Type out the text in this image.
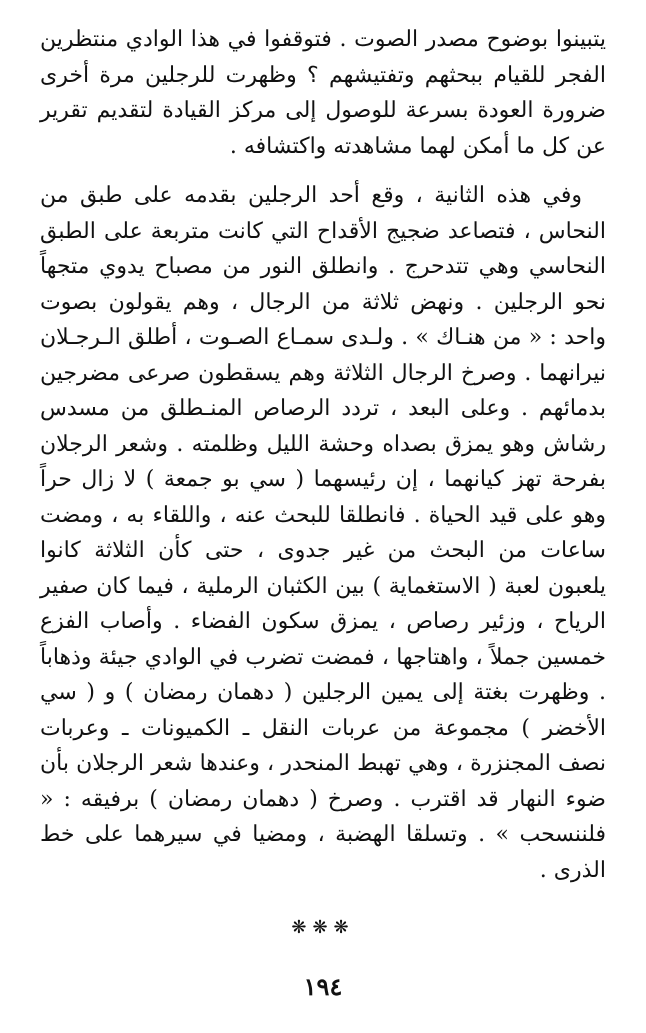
يتبينوا بوضوح مصدر الصوت . فتوقفوا في هذا الوادي منتظرين الفجر للقيام ببحثهم وتفتيشهم ؟ وظهرت للرجلين مرة أخرى ضرورة العودة بسرعة للوصول إلى مركز القيادة لتقديم تقرير عن كل ما أمكن لهما مشاهدته واكتشافه .

وفي هذه الثانية ، وقع أحد الرجلين بقدمه على طبق من النحاس ، فتصاعد ضجيج الأقداح التي كانت متربعة على الطبق النحاسي وهي تتدحرج . وانطلق النور من مصباح يدوي متجهاً نحو الرجلين . ونهض ثلاثة من الرجال ، وهم يقولون بصوت واحد : « من هنـاك » . ولـدى سمـاع الصـوت ، أطلق الـرجـلان نيرانهما . وصرخ الرجال الثلاثة وهم يسقطون صرعى مضرجين بدمائهم . وعلى البعد ، تردد الرصاص المنـطلق من مسدس رشاش وهو يمزق بصداه وحشة الليل وظلمته . وشعر الرجلان بفرحة تهز كيانهما ، إن رئيسهما ( سي بو جمعة ) لا زال حراً وهو على قيد الحياة . فانطلقا للبحث عنه ، واللقاء به ، ومضت ساعات من البحث من غير جدوى ، حتى كأن الثلاثة كانوا يلعبون لعبة ( الاستغماية ) بين الكثبان الرملية ، فيما كان صفير الرياح ، وزئير رصاص ، يمزق سكون الفضاء . وأصاب الفزع خمسين جملاً ، واهتاجها ، فمضت تضرب في الوادي جيئة وذهاباً . وظهرت بغتة إلى يمين الرجلين ( دهمان رمضان ) و ( سي الأخضر ) مجموعة من عربات النقل ـ الكميونات ـ وعربات نصف المجنزرة ، وهي تهبط المنحدر ، وعندها شعر الرجلان بأن ضوء النهار قد اقترب . وصرخ ( دهمان رمضان ) برفيقه : « فلننسحب » . وتسلقا الهضبة ، ومضيا في سيرهما على خط الذرى .

❋❋❋
١٩٤
